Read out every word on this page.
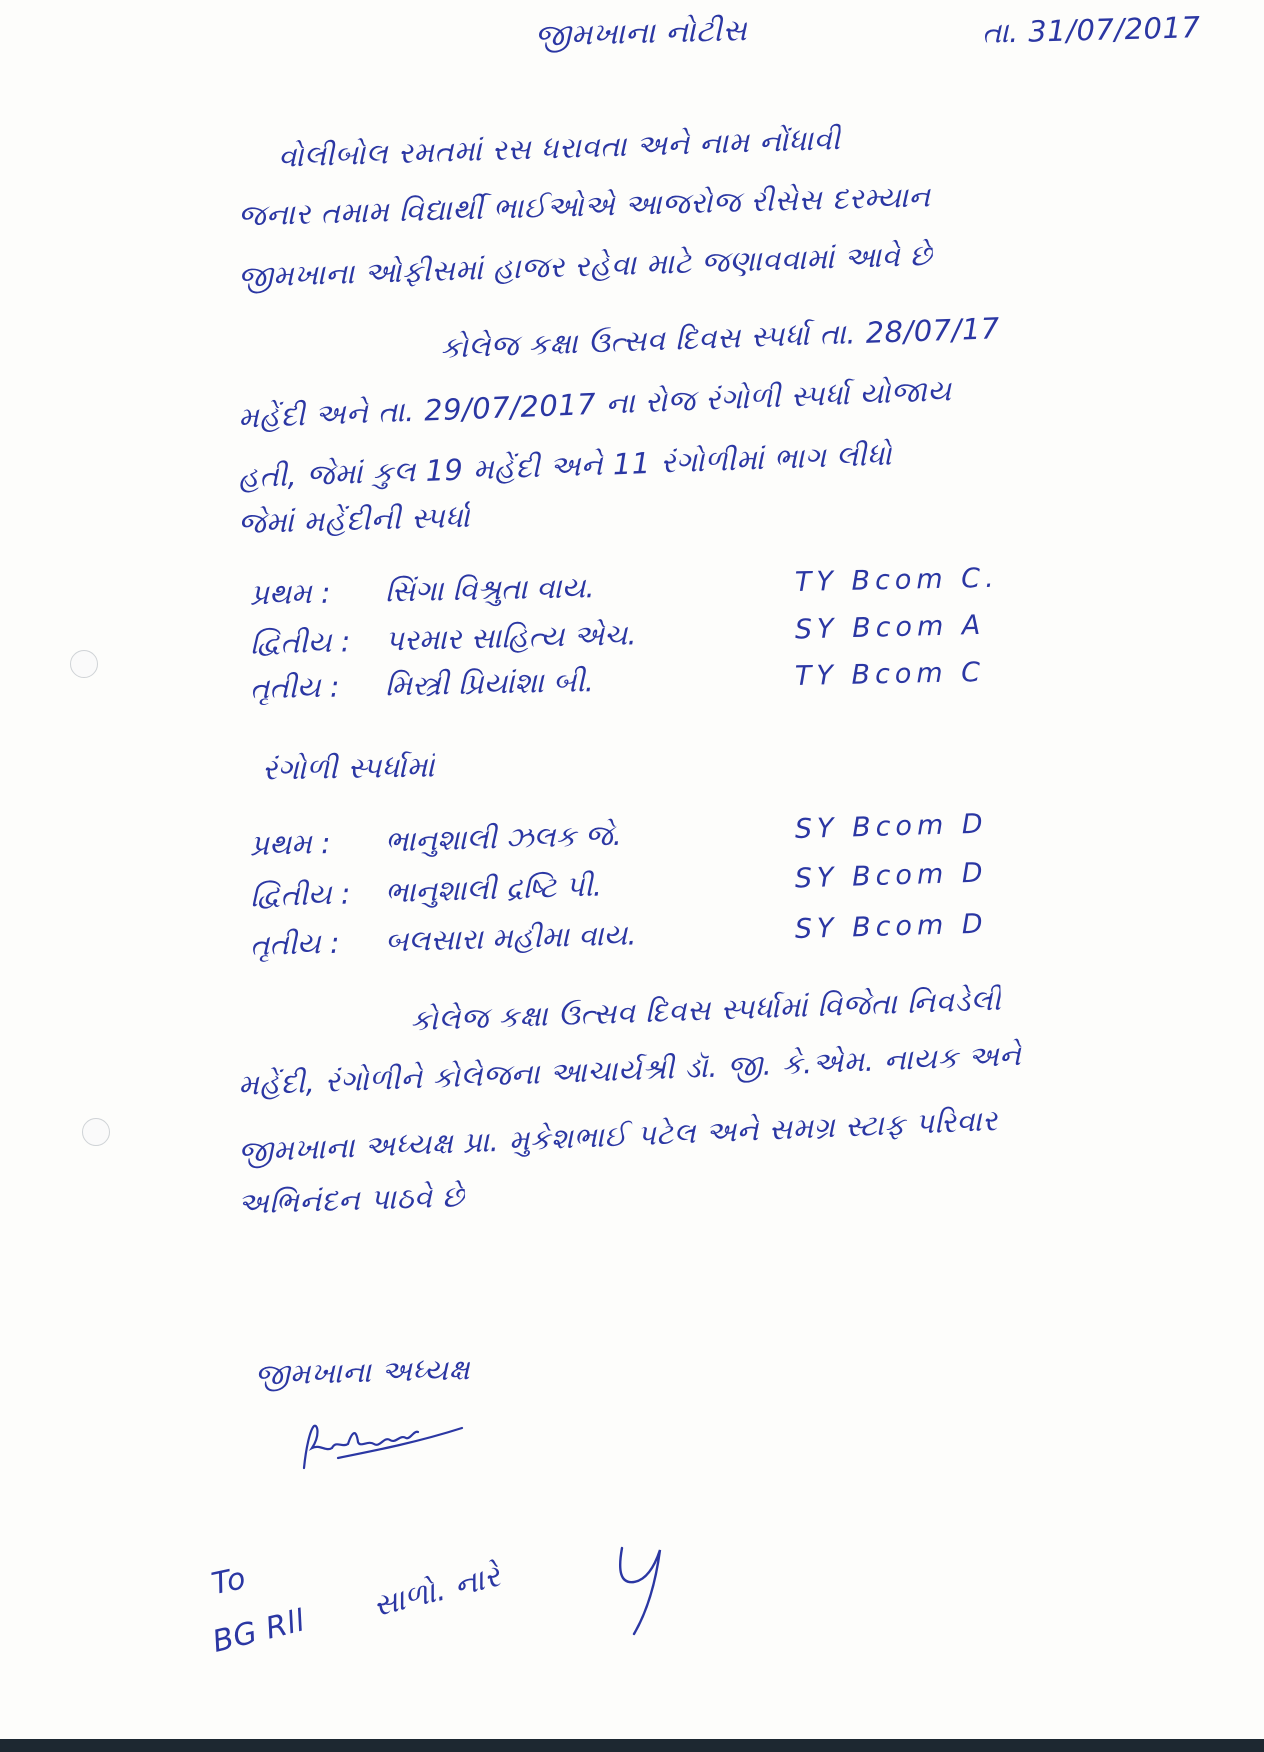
જીમખાના નોટીસ	તા. 31/07/2017
વોલીબોલ રમતમાં રસ ધરાવતા અને નામ નોંધાવી
જનાર તમામ વિદ્યાર્થી ભાઈઓએ આજરોજ રીસેસ દરમ્યાન
જીમખાના ઓફીસમાં હાજર રહેવા માટે જણાવવામાં આવે છે
કોલેજ કક્ષા ઉત્સવ દિવસ સ્પર્ધા તા. 28/07/17
મહેંદી અને તા. 29/07/2017 ના રોજ રંગોળી સ્પર્ધા યોજાય
હતી, જેમાં કુલ 19 મહેંદી અને 11 રંગોળીમાં ભાગ લીધો
જેમાં મહેંદીની સ્પર્ધા
પ્રથમ : સિંગા વિશ્રુતા વાય.	TY Bcom C.
દ્વિતીય : પરમાર સાહિત્ય એચ.	SY Bcom A
તૃતીય : મિસ્ત્રી પ્રિયાંશા બી.	TY Bcom C
રંગોળી સ્પર્ધામાં
પ્રથમ : ભાનુશાલી ઝલક જે.	SY Bcom D
દ્વિતીય : ભાનુશાલી દ્રષ્ટિ પી.	SY Bcom D
તૃતીય : બલસારા મહીમા વાય.	SY Bcom D
કોલેજ કક્ષા ઉત્સવ દિવસ સ્પર્ધામાં વિજેતા નિવડેલી
મહેંદી, રંગોળીને કોલેજના આચાર્યશ્રી ડૉ. જી. કે.એમ. નાયક અને
જીમખાના અધ્યક્ષ પ્રા. મુકેશભાઈ પટેલ અને સમગ્ર સ્ટાફ પરિવાર
અભિનંદન પાઠવે છે
જીમખાના અધ્યક્ષ
To
BG Rll
સાળો. નારે
